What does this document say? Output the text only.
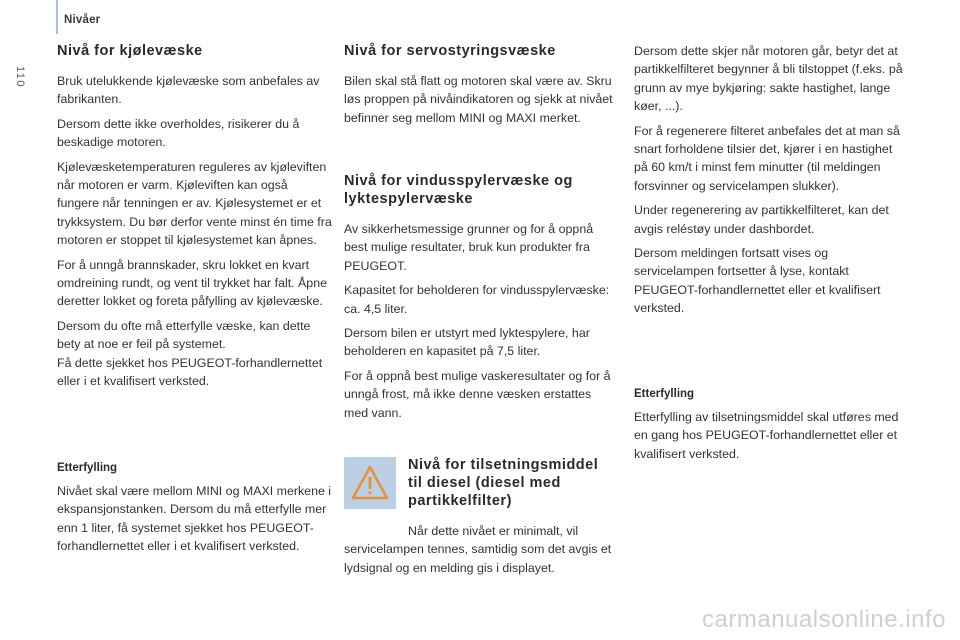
Nivåer
110
Nivå for kjølevæske

Bruk utelukkende kjølevæske som anbefales av fabrikanten.

Dersom dette ikke overholdes, risikerer du å beskadige motoren.

Kjølevæsketemperaturen reguleres av kjøleviften når motoren er varm. Kjøleviften kan også fungere når tenningen er av. Kjølesystemet er et trykksystem. Du bør derfor vente minst én time fra motoren er stoppet til kjølesystemet kan åpnes.

For å unngå brannskader, skru lokket en kvart omdreining rundt, og vent til trykket har falt. Åpne deretter lokket og foreta påfylling av kjølevæske.

Dersom du ofte må etterfylle væske, kan dette bety at noe er feil på systemet.

Få dette sjekket hos PEUGEOT-forhandlernettet eller i et kvalifisert verksted.

Etterfylling

Nivået skal være mellom MINI og MAXI merkene i ekspansjonstanken. Dersom du må etterfylle mer enn 1 liter, få systemet sjekket hos PEUGEOT-forhandlernettet eller i et kvalifisert verksted.

Nivå for servostyringsvæske

Bilen skal stå flatt og motoren skal være av. Skru løs proppen på nivåindikatoren og sjekk at nivået befinner seg mellom MINI og MAXI merket.

Nivå for vindusspylervæske og lyktespylervæske

Av sikkerhetsmessige grunner og for å oppnå best mulige resultater, bruk kun produkter fra PEUGEOT.

Kapasitet for beholderen for vindusspylervæske: ca. 4,5 liter.

Dersom bilen er utstyrt med lyktespylere, har beholderen en kapasitet på 7,5 liter.

For å oppnå best mulige vaskeresultater og for å unngå frost, må ikke denne væsken erstattes med vann.

Nivå for tilsetningsmiddel til diesel (diesel med partikkelfilter)

Når dette nivået er minimalt, vil servicelampen tennes, samtidig som det avgis et lydsignal og en melding gis i displayet.

Dersom dette skjer når motoren går, betyr det at partikkelfilteret begynner å bli tilstoppet (f.eks. på grunn av mye bykjøring: sakte hastighet, lange køer, ...).

For å regenerere filteret anbefales det at man så snart forholdene tilsier det, kjører i en hastighet på 60 km/t i minst fem minutter (til meldingen forsvinner og servicelampen slukker).

Under regenerering av partikkelfilteret, kan det avgis reléstøy under dashbordet.

Dersom meldingen fortsatt vises og servicelampen fortsetter å lyse, kontakt PEUGEOT-forhandlernettet eller et kvalifisert verksted.

Etterfylling

Etterfylling av tilsetningsmiddel skal utføres med en gang hos PEUGEOT-forhandlernettet eller et kvalifisert verksted.

carmanualsonline.info
